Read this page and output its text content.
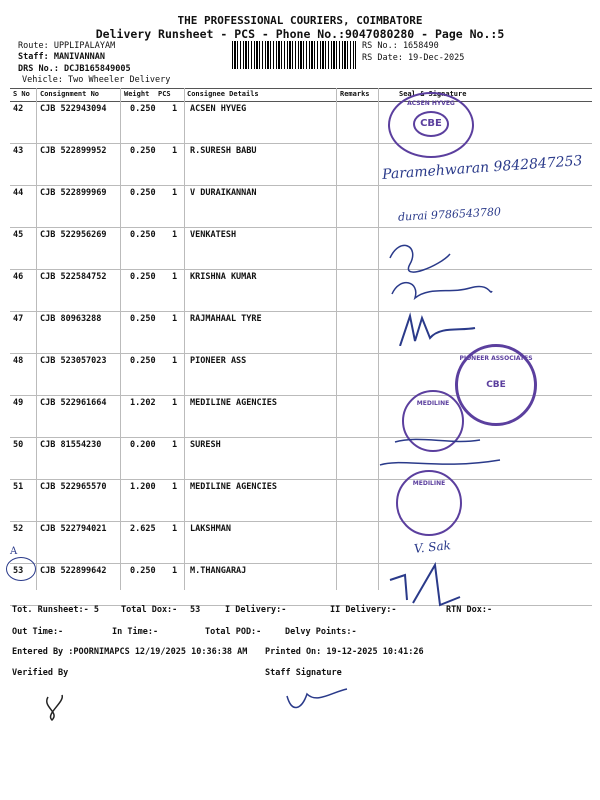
THE PROFESSIONAL COURIERS, COIMBATORE
Delivery Runsheet - PCS - Phone No.:9047080280 - Page No.:5
Route: UPPLIPALAYAM
Staff: MANIVANNAN
DRS No.: DCJB165849005
Vehicle: Two Wheeler Delivery
RS No.: 1658490
RS Date: 19-Dec-2025
S No Consignment No	Weight PCS Consignee Details	Remarks	Seal & Signature
42 CJB 522943094	0.250 1 ACSEN HYVEG
43 CJB 522899952	0.250 1 R.SURESH BABU
44 CJB 522899969	0.250 1 V DURAIKANNAN
45 CJB 522956269	0.250 1 VENKATESH
46 CJB 522584752	0.250 1 KRISHNA KUMAR
47 CJB 80963288	0.250 1 RAJMAHAAL TYRE
48 CJB 523057023	0.250 1 PIONEER ASS
49 CJB 522961664	1.202 1 MEDILINE AGENCIES
50 CJB 81554230	0.200 1 SURESH
51 CJB 522965570	1.200 1 MEDILINE AGENCIES
52 CJB 522794021	2.625 1 LAKSHMAN
53 CJB 522899642	0.250 1 M.THANGARAJ
ACSEN HYVEG
CBE
Paramehwaran 9842847253
durai 9786543780
PIONEER ASSOCIATES
CBE
MEDILINE
MEDILINE
V. Sak
A
Tot. Runsheet:- 5	Total Dox:- 53	I Delivery:-	II Delivery:-	RTN Dox:-
Out Time:-	In Time:-	Total POD:-	Delvy Points:-
Entered By :POORNIMAPCS 12/19/2025 10:36:38 AM Printed On: 19-12-2025 10:41:26
Verified By	Staff Signature
